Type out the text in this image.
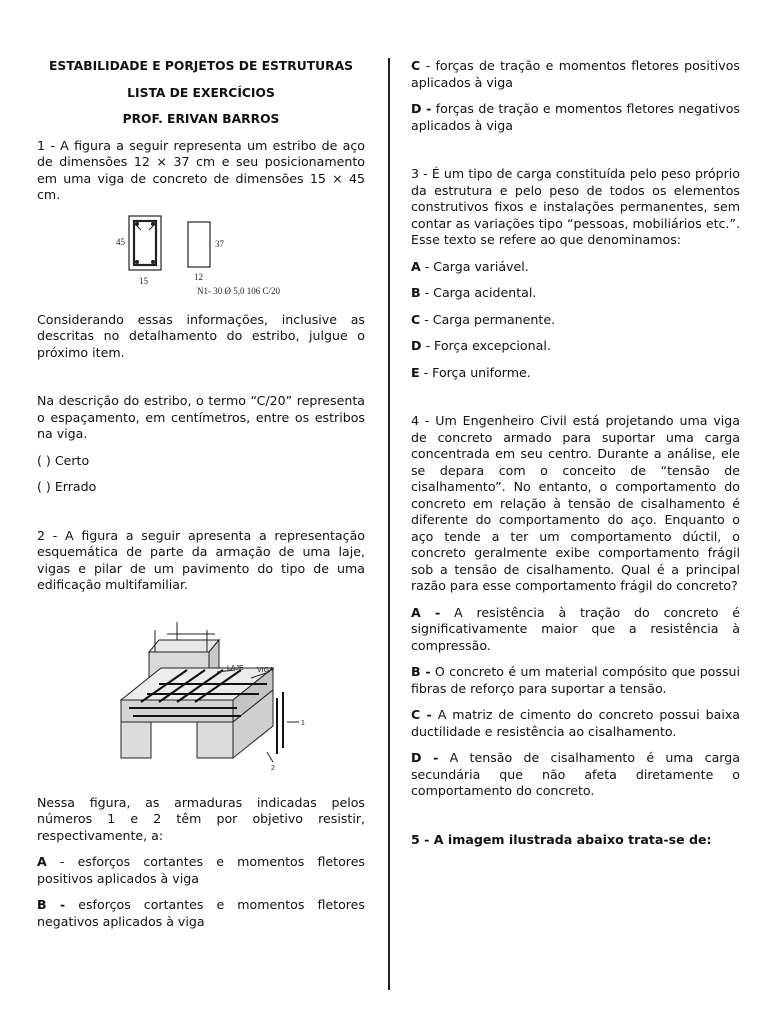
ESTABILIDADE E PORJETOS DE ESTRUTURAS

LISTA DE EXERCÍCIOS

PROF. ERIVAN BARROS

1 - A figura a seguir representa um estribo de aço de dimensões 12 × 37 cm e seu posicionamento em uma viga de concreto de dimensões 15 × 45 cm.

45
15
37
12
N1- 30 Ø 5,0 106 C/20

Considerando essas informações, inclusive as descritas no detalhamento do estribo, julgue o próximo item.

Na descrição do estribo, o termo “C/20” representa o espaçamento, em centímetros, entre os estribos na viga.

( ) Certo

( ) Errado

2 - A figura a seguir apresenta a representação esquemática de parte da armação de uma laje, vigas e pilar de um pavimento do tipo de uma edificação multifamiliar.

LAJE VIGA
1
2

Nessa figura, as armaduras indicadas pelos números 1 e 2 têm por objetivo resistir, respectivamente, a:

A - esforços cortantes e momentos fletores positivos aplicados à viga

B - esforços cortantes e momentos fletores negativos aplicados à viga

C - forças de tração e momentos fletores positivos aplicados à viga

D - forças de tração e momentos fletores negativos aplicados à viga

3 - É um tipo de carga constituída pelo peso próprio da estrutura e pelo peso de todos os elementos construtivos fixos e instalações permanentes, sem contar as variações tipo “pessoas, mobiliários etc.”. Esse texto se refere ao que denominamos:

A - Carga variável.

B - Carga acidental.

C - Carga permanente.

D - Força excepcional.

E - Força uniforme.

4 - Um Engenheiro Civil está projetando uma viga de concreto armado para suportar uma carga concentrada em seu centro. Durante a análise, ele se depara com o conceito de “tensão de cisalhamento”. No entanto, o comportamento do concreto em relação à tensão de cisalhamento é diferente do comportamento do aço. Enquanto o aço tende a ter um comportamento dúctil, o concreto geralmente exibe comportamento frágil sob a tensão de cisalhamento. Qual é a principal razão para esse comportamento frágil do concreto?

A - A resistência à tração do concreto é significativamente maior que a resistência à compressão.

B - O concreto é um material compósito que possui fibras de reforço para suportar a tensão.

C - A matriz de cimento do concreto possui baixa ductilidade e resistência ao cisalhamento.

D - A tensão de cisalhamento é uma carga secundária que não afeta diretamente o comportamento do concreto.

5 - A imagem ilustrada abaixo trata-se de:
